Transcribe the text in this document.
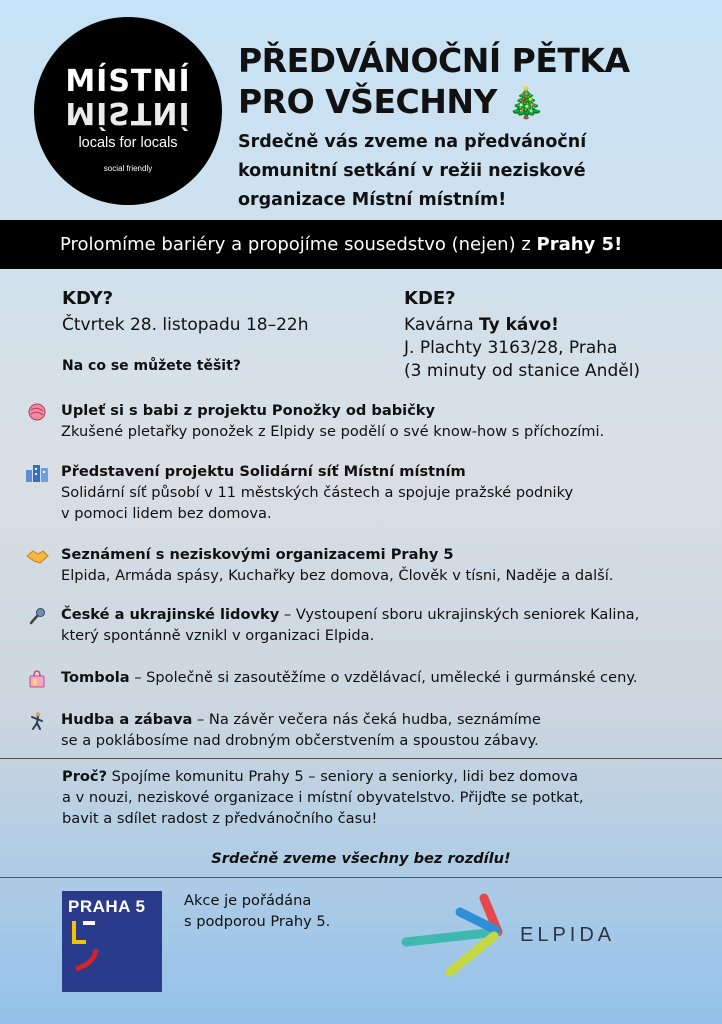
MÍSTNÍ
MÍSTNÍ
locals for locals
social friendly
PŘEDVÁNOČNÍ PĚTKA
PRO VŠECHNY 🎄
Srdečně vás zveme na předvánoční
komunitní setkání v režii neziskové
organizace Místní místním!
Prolomíme bariéry a propojíme sousedstvo (nejen) z Prahy 5!
KDY?
Čtvrtek 28. listopadu 18–22h
KDE?
Kavárna Ty kávo!
J. Plachty 3163/28, Praha
(3 minuty od stanice Anděl)
Na co se můžete těšit?
Upleť si s babi z projektu Ponožky od babičky
Zkušené pletařky ponožek z Elpidy se podělí o své know-how s příchozími.
Představení projektu Solidární síť Místní místním
Solidární síť působí v 11 městských částech a spojuje pražské podniky
v pomoci lidem bez domova.
Seznámení s neziskovými organizacemi Prahy 5
Elpida, Armáda spásy, Kuchařky bez domova, Člověk v tísni, Naděje a další.
České a ukrajinské lidovky – Vystoupení sboru ukrajinských seniorek Kalina,
který spontánně vznikl v organizaci Elpida.
Tombola – Společně si zasoutěžíme o vzdělávací, umělecké i gurmánské ceny.
Hudba a zábava – Na závěr večera nás čeká hudba, seznámíme
se a poklábosíme nad drobným občerstvením a spoustou zábavy.
Proč? Spojíme komunitu Prahy 5 – seniory a seniorky, lidi bez domova
a v nouzi, neziskové organizace i místní obyvatelstvo. Přijďte se potkat,
bavit a sdílet radost z předvánočního času!
Srdečně zveme všechny bez rozdílu!
PRAHA 5	Akce je pořádána
s podporou Prahy 5.
ELPIDA
